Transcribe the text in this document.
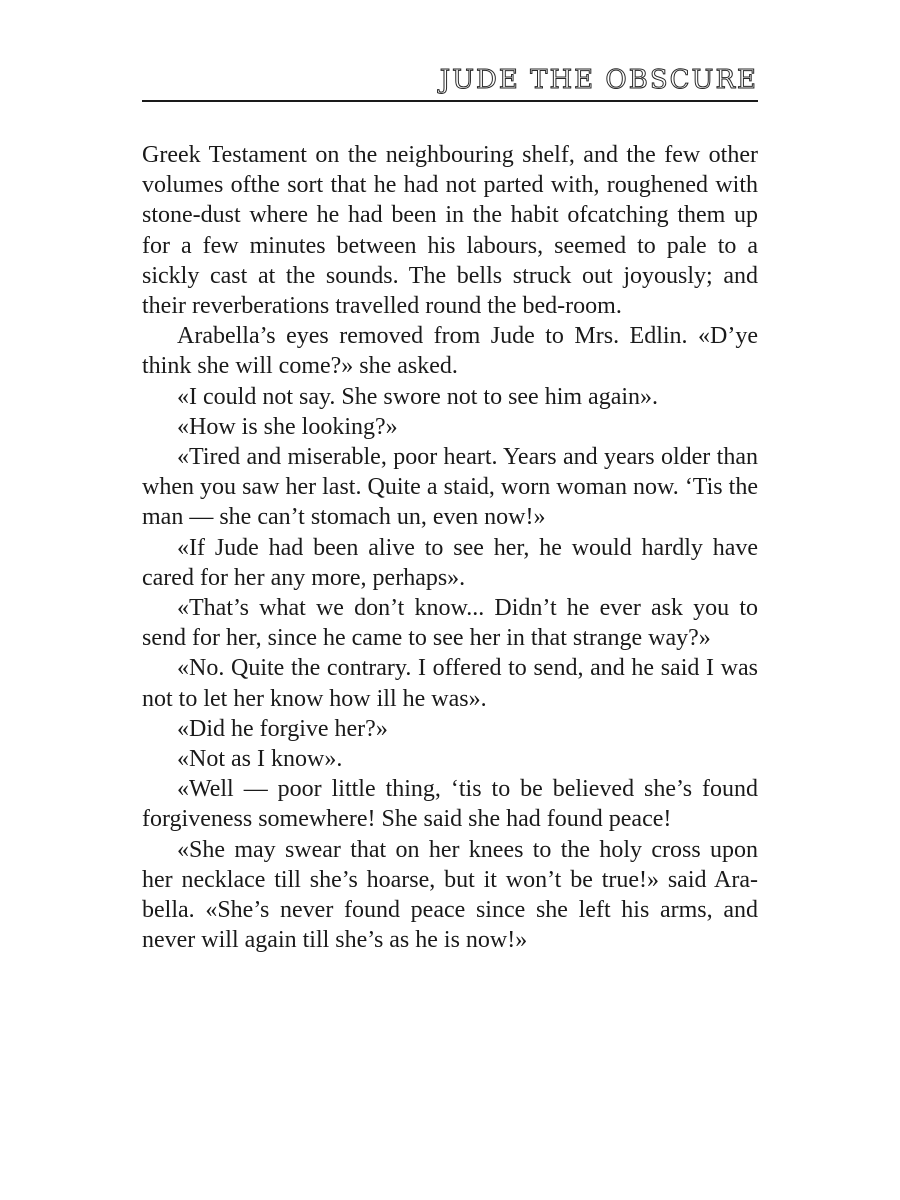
JUDE THE OBSCURE

Greek Testament on the neighbouring shelf, and the few other volumes ofthe sort that he had not parted with, roughened with stone-dust where he had been in the habit ofcatching them up for a few minutes between his labours, seemed to pale to a sickly cast at the sounds. The bells struck out joyously; and their reverberations travelled round the bed-room.

Arabella’s eyes removed from Jude to Mrs. Edlin. «D’ye think she will come?» she asked.

«I could not say. She swore not to see him again».

«How is she looking?»

«Tired and miserable, poor heart. Years and years older than when you saw her last. Quite a staid, worn woman now. ‘Tis the man — she can’t stomach un, even now!»

«If Jude had been alive to see her, he would hardly have cared for her any more, perhaps».

«That’s what we don’t know... Didn’t he ever ask you to send for her, since he came to see her in that strange way?»

«No. Quite the contrary. I offered to send, and he said I was not to let her know how ill he was».

«Did he forgive her?»

«Not as I know».

«Well — poor little thing, ‘tis to be believed she’s found forgiveness somewhere! She said she had found peace!

«She may swear that on her knees to the holy cross upon her necklace till she’s hoarse, but it won’t be true!» said Arabella. «She’s never found peace since she left his arms, and never will again till she’s as he is now!»
